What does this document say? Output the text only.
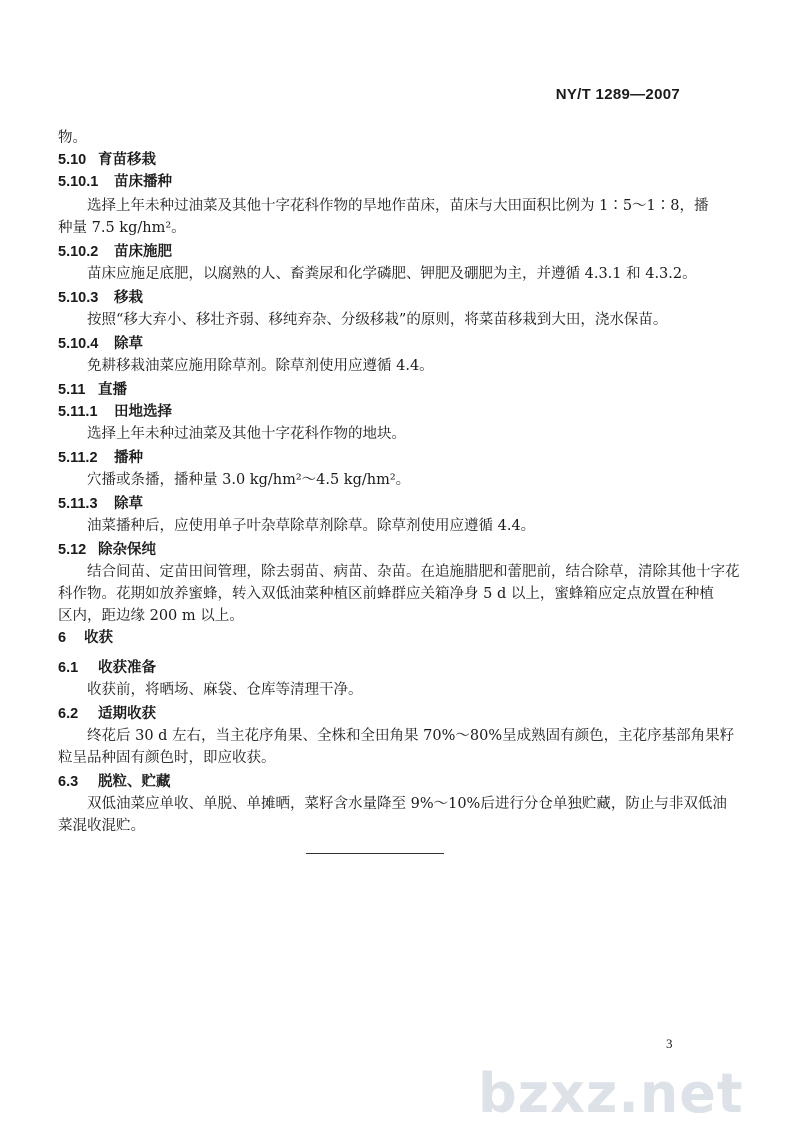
NY/T 1289—2007
物。
5.10 育苗移栽
5.10.1 苗床播种
选择上年未种过油菜及其他十字花科作物的旱地作苗床，苗床与大田面积比例为 1∶5～1∶8，播
种量 7.5 kg/hm²。
5.10.2 苗床施肥
苗床应施足底肥，以腐熟的人、畜粪尿和化学磷肥、钾肥及硼肥为主，并遵循 4.3.1 和 4.3.2。
5.10.3 移栽
按照“移大弃小、移壮齐弱、移纯弃杂、分级移栽”的原则，将菜苗移栽到大田，浇水保苗。
5.10.4 除草
免耕移栽油菜应施用除草剂。除草剂使用应遵循 4.4。
5.11 直播
5.11.1 田地选择
选择上年未种过油菜及其他十字花科作物的地块。
5.11.2 播种
穴播或条播，播种量 3.0 kg/hm²～4.5 kg/hm²。
5.11.3 除草
油菜播种后，应使用单子叶杂草除草剂除草。除草剂使用应遵循 4.4。
5.12 除杂保纯
结合间苗、定苗田间管理，除去弱苗、病苗、杂苗。在追施腊肥和蕾肥前，结合除草，清除其他十字花
科作物。花期如放养蜜蜂，转入双低油菜种植区前蜂群应关箱净身 5 d 以上，蜜蜂箱应定点放置在种植
区内，距边缘 200 m 以上。
6 收获
6.1 收获准备
收获前，将晒场、麻袋、仓库等清理干净。
6.2 适期收获
终花后 30 d 左右，当主花序角果、全株和全田角果 70%～80%呈成熟固有颜色，主花序基部角果籽
粒呈品种固有颜色时，即应收获。
6.3 脱粒、贮藏
双低油菜应单收、单脱、单摊晒，菜籽含水量降至 9%～10%后进行分仓单独贮藏，防止与非双低油
菜混收混贮。
bzxz.net
3
